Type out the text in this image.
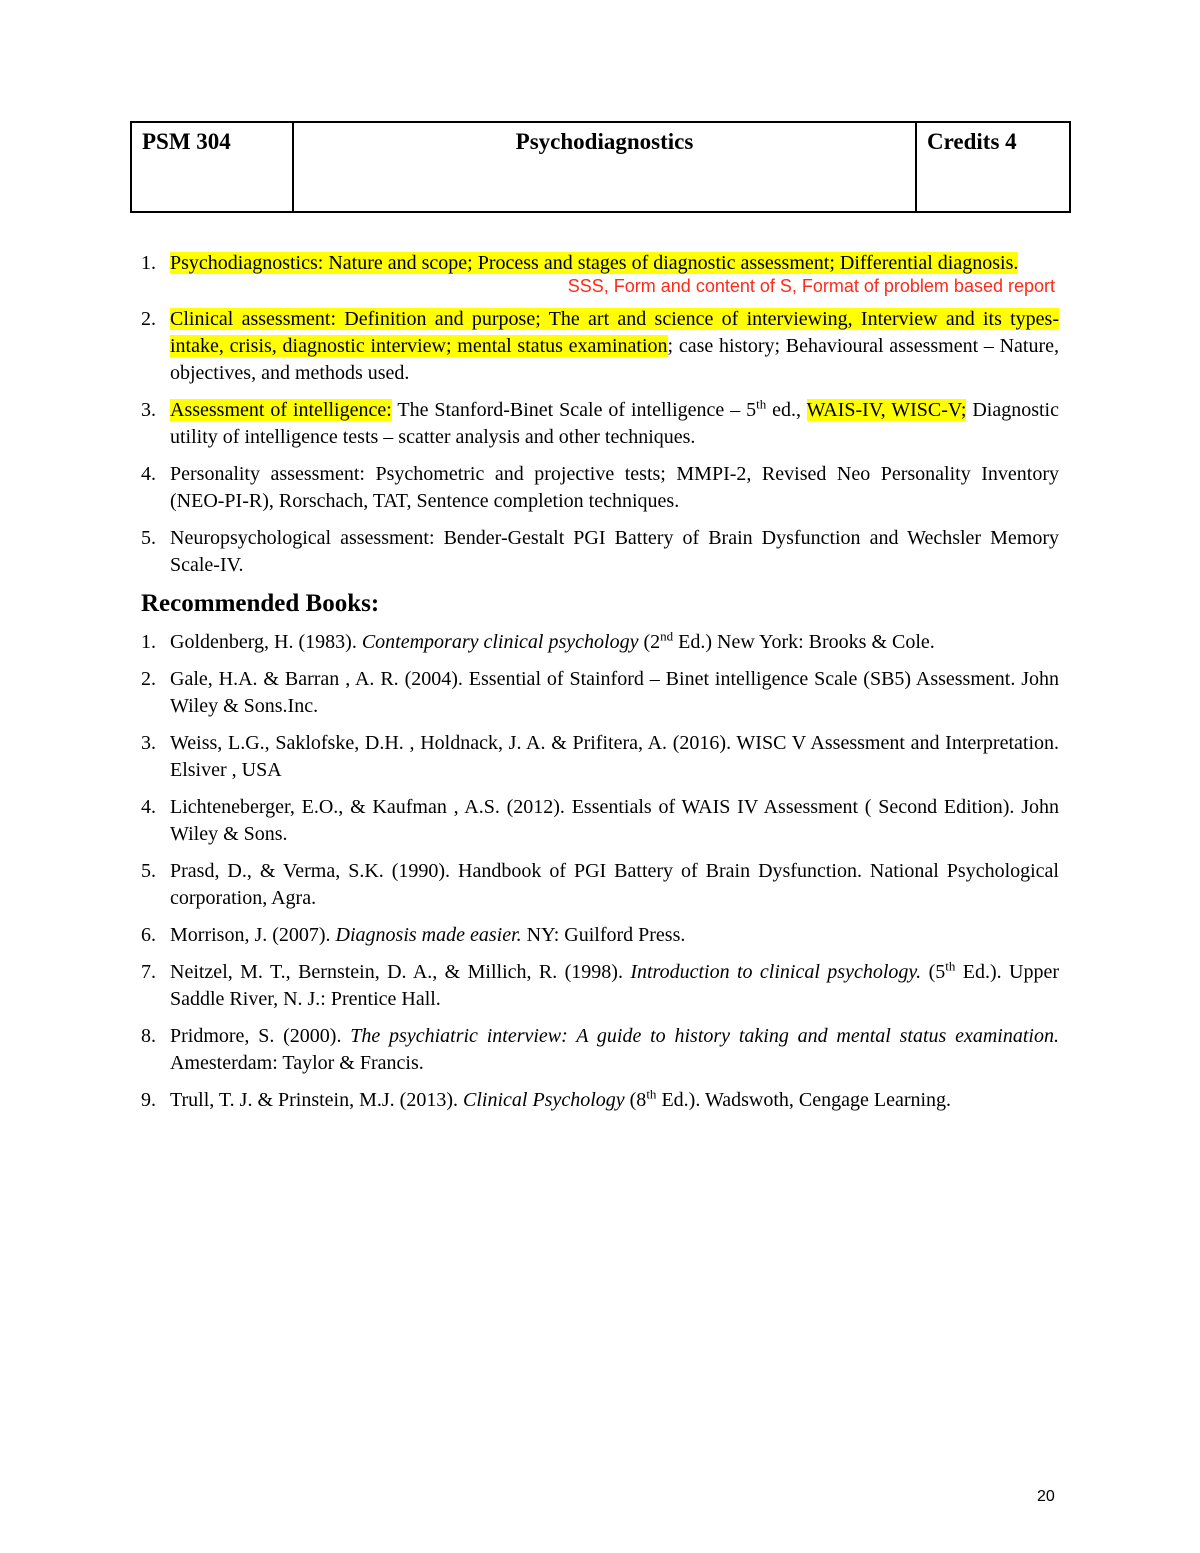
PSM 304	Psychodiagnostics	Credits 4
1. Psychodiagnostics: Nature and scope; Process and stages of diagnostic assessment; Differential diagnosis.
SSS, Form and content of S, Format of problem based report
2. Clinical assessment: Definition and purpose; The art and science of interviewing, Interview and its types- intake, crisis, diagnostic interview; mental status examination; case history; Behavioural assessment – Nature, objectives, and methods used.
3. Assessment of intelligence: The Stanford-Binet Scale of intelligence – 5th ed., WAIS-IV, WISC-V; Diagnostic utility of intelligence tests – scatter analysis and other techniques.
4. Personality assessment: Psychometric and projective tests; MMPI-2, Revised Neo Personality Inventory (NEO-PI-R), Rorschach, TAT, Sentence completion techniques.
5. Neuropsychological assessment: Bender-Gestalt PGI Battery of Brain Dysfunction and Wechsler Memory Scale-IV.
Recommended Books:
1. Goldenberg, H. (1983). Contemporary clinical psychology (2nd Ed.) New York: Brooks & Cole.
2. Gale, H.A. & Barran , A. R. (2004). Essential of Stainford – Binet intelligence Scale (SB5) Assessment. John Wiley & Sons.Inc.
3. Weiss, L.G., Saklofske, D.H. , Holdnack, J. A. & Prifitera, A. (2016). WISC V Assessment and Interpretation. Elsiver , USA
4. Lichteneberger, E.O., & Kaufman , A.S. (2012). Essentials of WAIS IV Assessment ( Second Edition). John Wiley & Sons.
5. Prasd, D., & Verma, S.K. (1990). Handbook of PGI Battery of Brain Dysfunction. National Psychological corporation, Agra.
6. Morrison, J. (2007). Diagnosis made easier. NY: Guilford Press.
7. Neitzel, M. T., Bernstein, D. A., & Millich, R. (1998). Introduction to clinical psychology. (5th Ed.). Upper Saddle River, N. J.: Prentice Hall.
8. Pridmore, S. (2000). The psychiatric interview: A guide to history taking and mental status examination. Amesterdam: Taylor & Francis.
9. Trull, T. J. & Prinstein, M.J. (2013). Clinical Psychology (8th Ed.). Wadswoth, Cengage Learning.
20
